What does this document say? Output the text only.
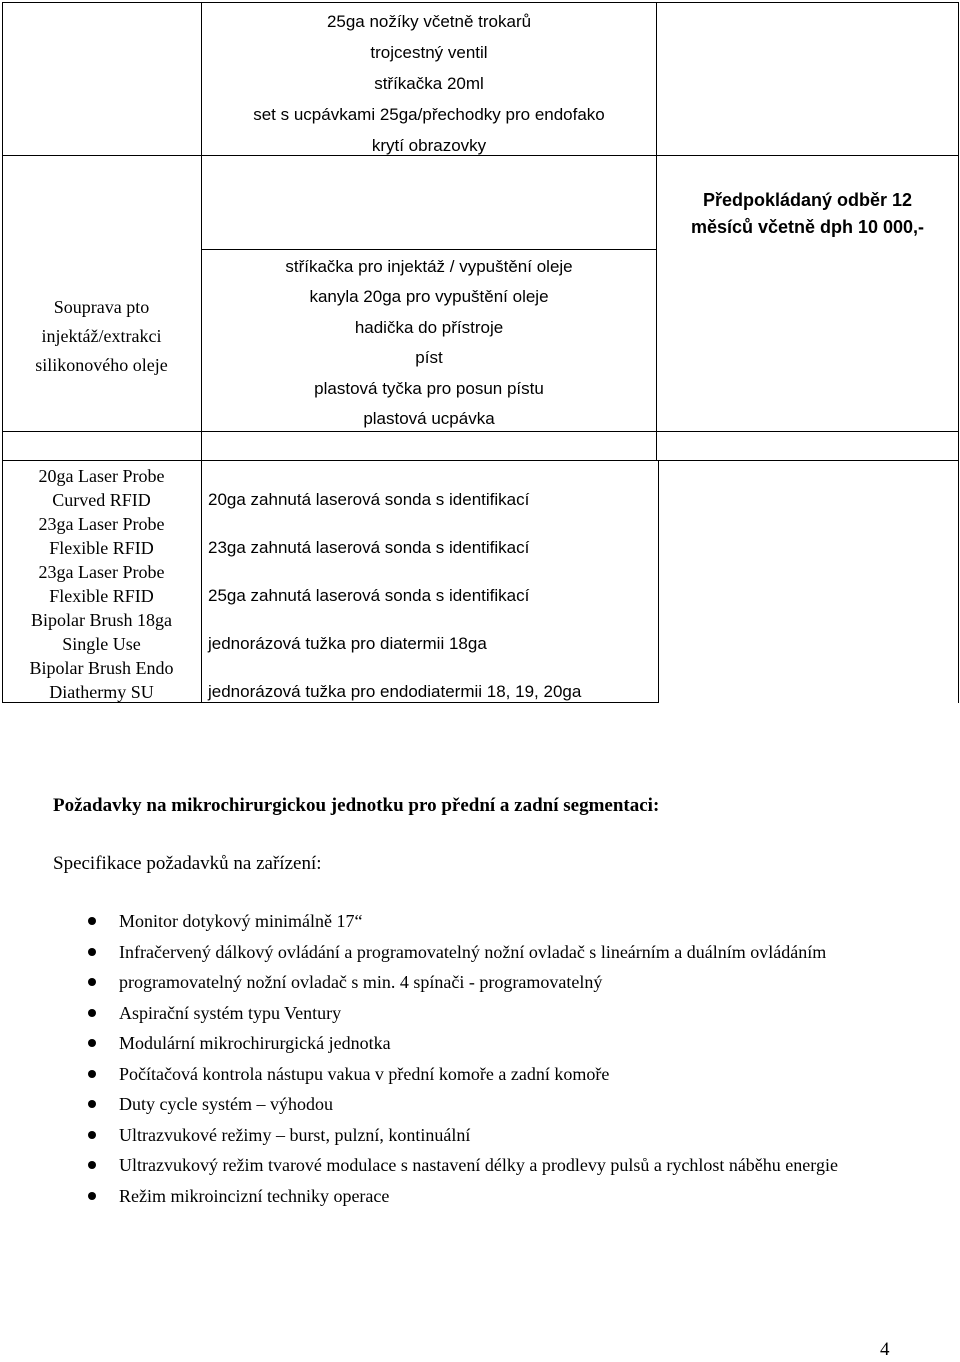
25ga nožíky včetně trokarů
trojcestný ventil
stříkačka 20ml
set s ucpávkami 25ga/přechodky pro endofako
krytí obrazovky
Předpokládaný odběr 12
měsíců včetně dph 10 000,-
Souprava pto
injektáž/extrakci
silikonového oleje
stříkačka pro injektáž / vypuštění oleje
kanyla 20ga pro vypuštění oleje
hadička do přístroje
píst
plastová tyčka pro posun pístu
plastová ucpávka
20ga Laser Probe
Curved RFID
23ga Laser Probe
Flexible RFID
23ga Laser Probe
Flexible RFID
Bipolar Brush 18ga
Single Use
Bipolar Brush Endo
Diathermy SU
20ga zahnutá laserová sonda s identifikací
23ga zahnutá laserová sonda s identifikací
25ga zahnutá laserová sonda s identifikací
jednorázová tužka pro diatermii 18ga
jednorázová tužka pro endodiatermii 18, 19, 20ga
Požadavky na mikrochirurgickou jednotku pro přední a zadní segmentaci:
Specifikace požadavků na zařízení:
Monitor dotykový minimálně 17“
Infračervený dálkový ovládání a programovatelný nožní ovladač s lineárním a duálním ovládáním
programovatelný nožní ovladač s min. 4 spínači - programovatelný
Aspirační systém typu Ventury
Modulární mikrochirurgická jednotka
Počítačová kontrola nástupu vakua v přední komoře a zadní komoře
Duty cycle systém – výhodou
Ultrazvukové režimy – burst, pulzní, kontinuální
Ultrazvukový režim tvarové modulace s nastavení délky a prodlevy pulsů a rychlost náběhu energie
Režim mikroincizní techniky operace
4
